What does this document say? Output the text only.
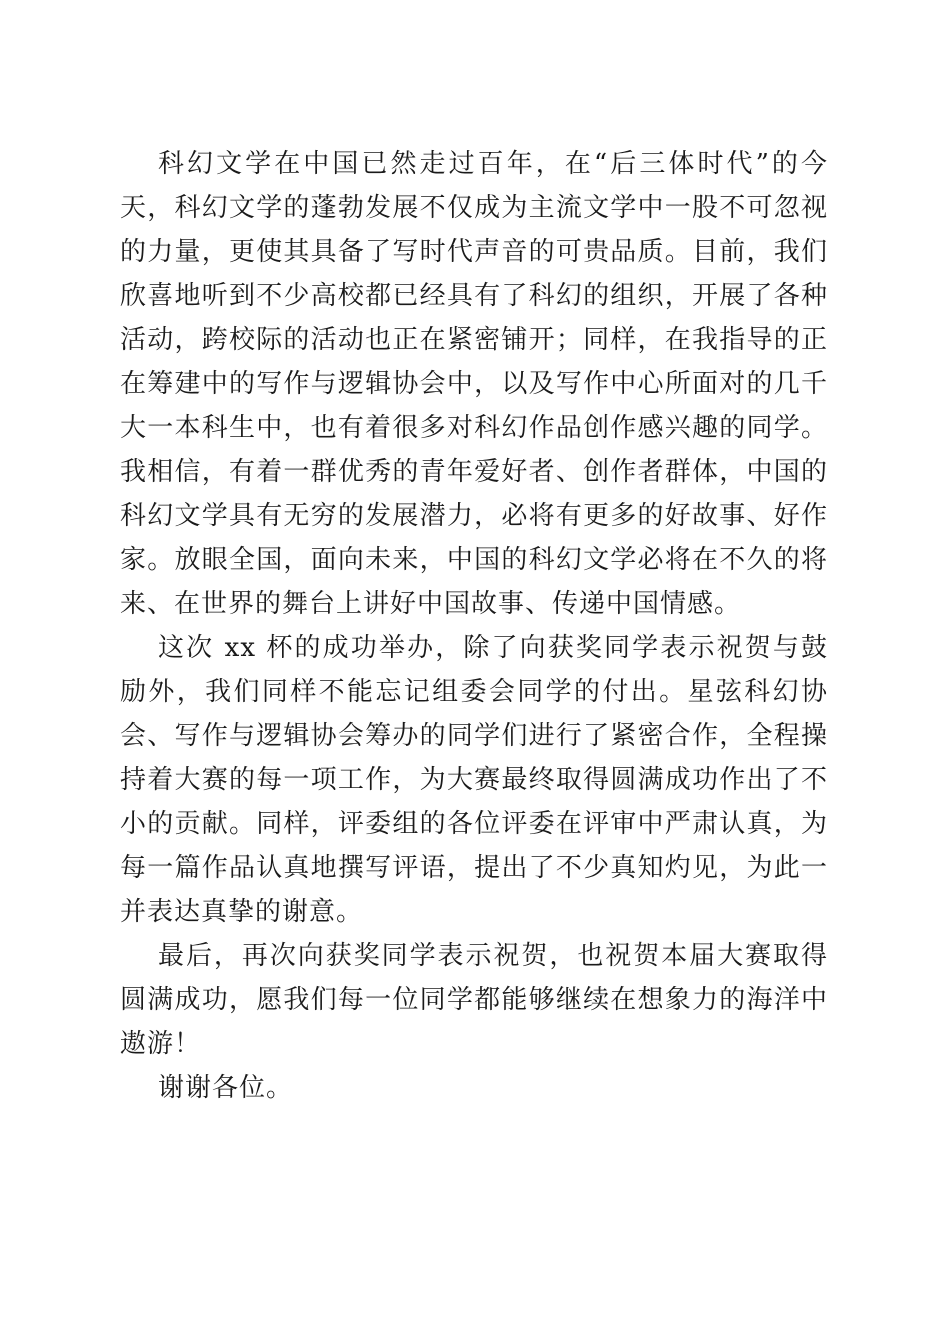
科幻文学在中国已然走过百年，在“后三体时代”的今天，科幻文学的蓬勃发展不仅成为主流文学中一股不可忽视的力量，更使其具备了写时代声音的可贵品质。目前，我们欣喜地听到不少高校都已经具有了科幻的组织，开展了各种活动，跨校际的活动也正在紧密铺开；同样，在我指导的正在筹建中的写作与逻辑协会中，以及写作中心所面对的几千大一本科生中，也有着很多对科幻作品创作感兴趣的同学。我相信，有着一群优秀的青年爱好者、创作者群体，中国的科幻文学具有无穷的发展潜力，必将有更多的好故事、好作家。放眼全国，面向未来，中国的科幻文学必将在不久的将来、在世界的舞台上讲好中国故事、传递中国情感。

这次 xx 杯的成功举办，除了向获奖同学表示祝贺与鼓励外，我们同样不能忘记组委会同学的付出。星弦科幻协会、写作与逻辑协会筹办的同学们进行了紧密合作，全程操持着大赛的每一项工作，为大赛最终取得圆满成功作出了不小的贡献。同样，评委组的各位评委在评审中严肃认真，为每一篇作品认真地撰写评语，提出了不少真知灼见，为此一并表达真挚的谢意。

最后，再次向获奖同学表示祝贺，也祝贺本届大赛取得圆满成功，愿我们每一位同学都能够继续在想象力的海洋中遨游！

谢谢各位。
